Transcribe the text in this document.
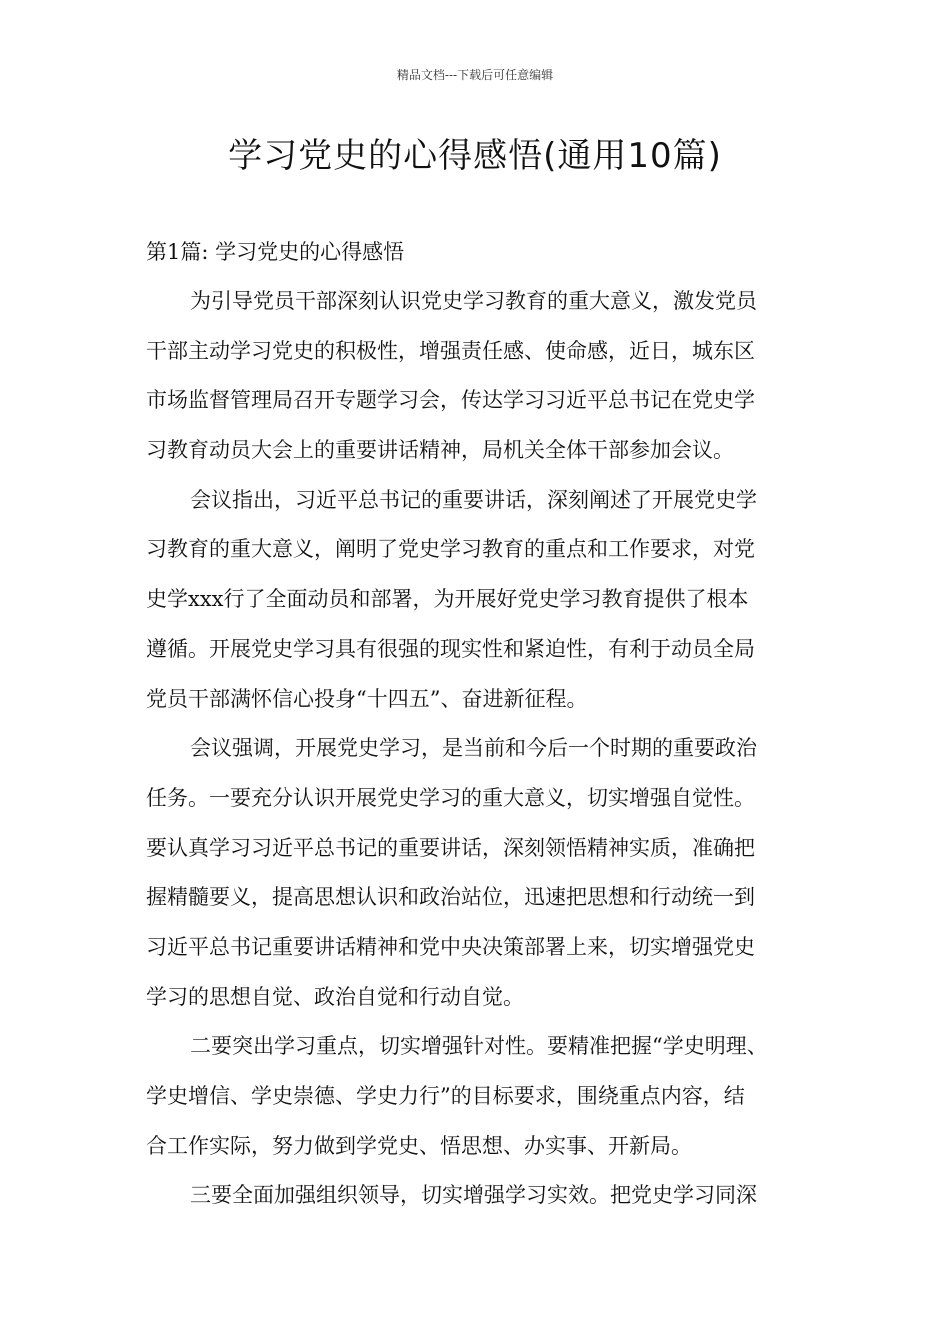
精品文档---下载后可任意编辑
学习党史的心得感悟(通用10篇)
第1篇: 学习党史的心得感悟
为引导党员干部深刻认识党史学习教育的重大意义，激发党员
干部主动学习党史的积极性，增强责任感、使命感，近日，城东区
市场监督管理局召开专题学习会，传达学习习近平总书记在党史学
习教育动员大会上的重要讲话精神，局机关全体干部参加会议。
会议指出，习近平总书记的重要讲话，深刻阐述了开展党史学
习教育的重大意义，阐明了党史学习教育的重点和工作要求，对党
史学xxx行了全面动员和部署，为开展好党史学习教育提供了根本
遵循。开展党史学习具有很强的现实性和紧迫性，有利于动员全局
党员干部满怀信心投身“十四五”、奋进新征程。
会议强调，开展党史学习，是当前和今后一个时期的重要政治
任务。一要充分认识开展党史学习的重大意义，切实增强自觉性。
要认真学习习近平总书记的重要讲话，深刻领悟精神实质，准确把
握精髓要义，提高思想认识和政治站位，迅速把思想和行动统一到
习近平总书记重要讲话精神和党中央决策部署上来，切实增强党史
学习的思想自觉、政治自觉和行动自觉。
二要突出学习重点，切实增强针对性。要精准把握“学史明理、
学史增信、学史崇德、学史力行”的目标要求，围绕重点内容，结
合工作实际，努力做到学党史、悟思想、办实事、开新局。
三要全面加强组织领导，切实增强学习实效。把党史学习同深
